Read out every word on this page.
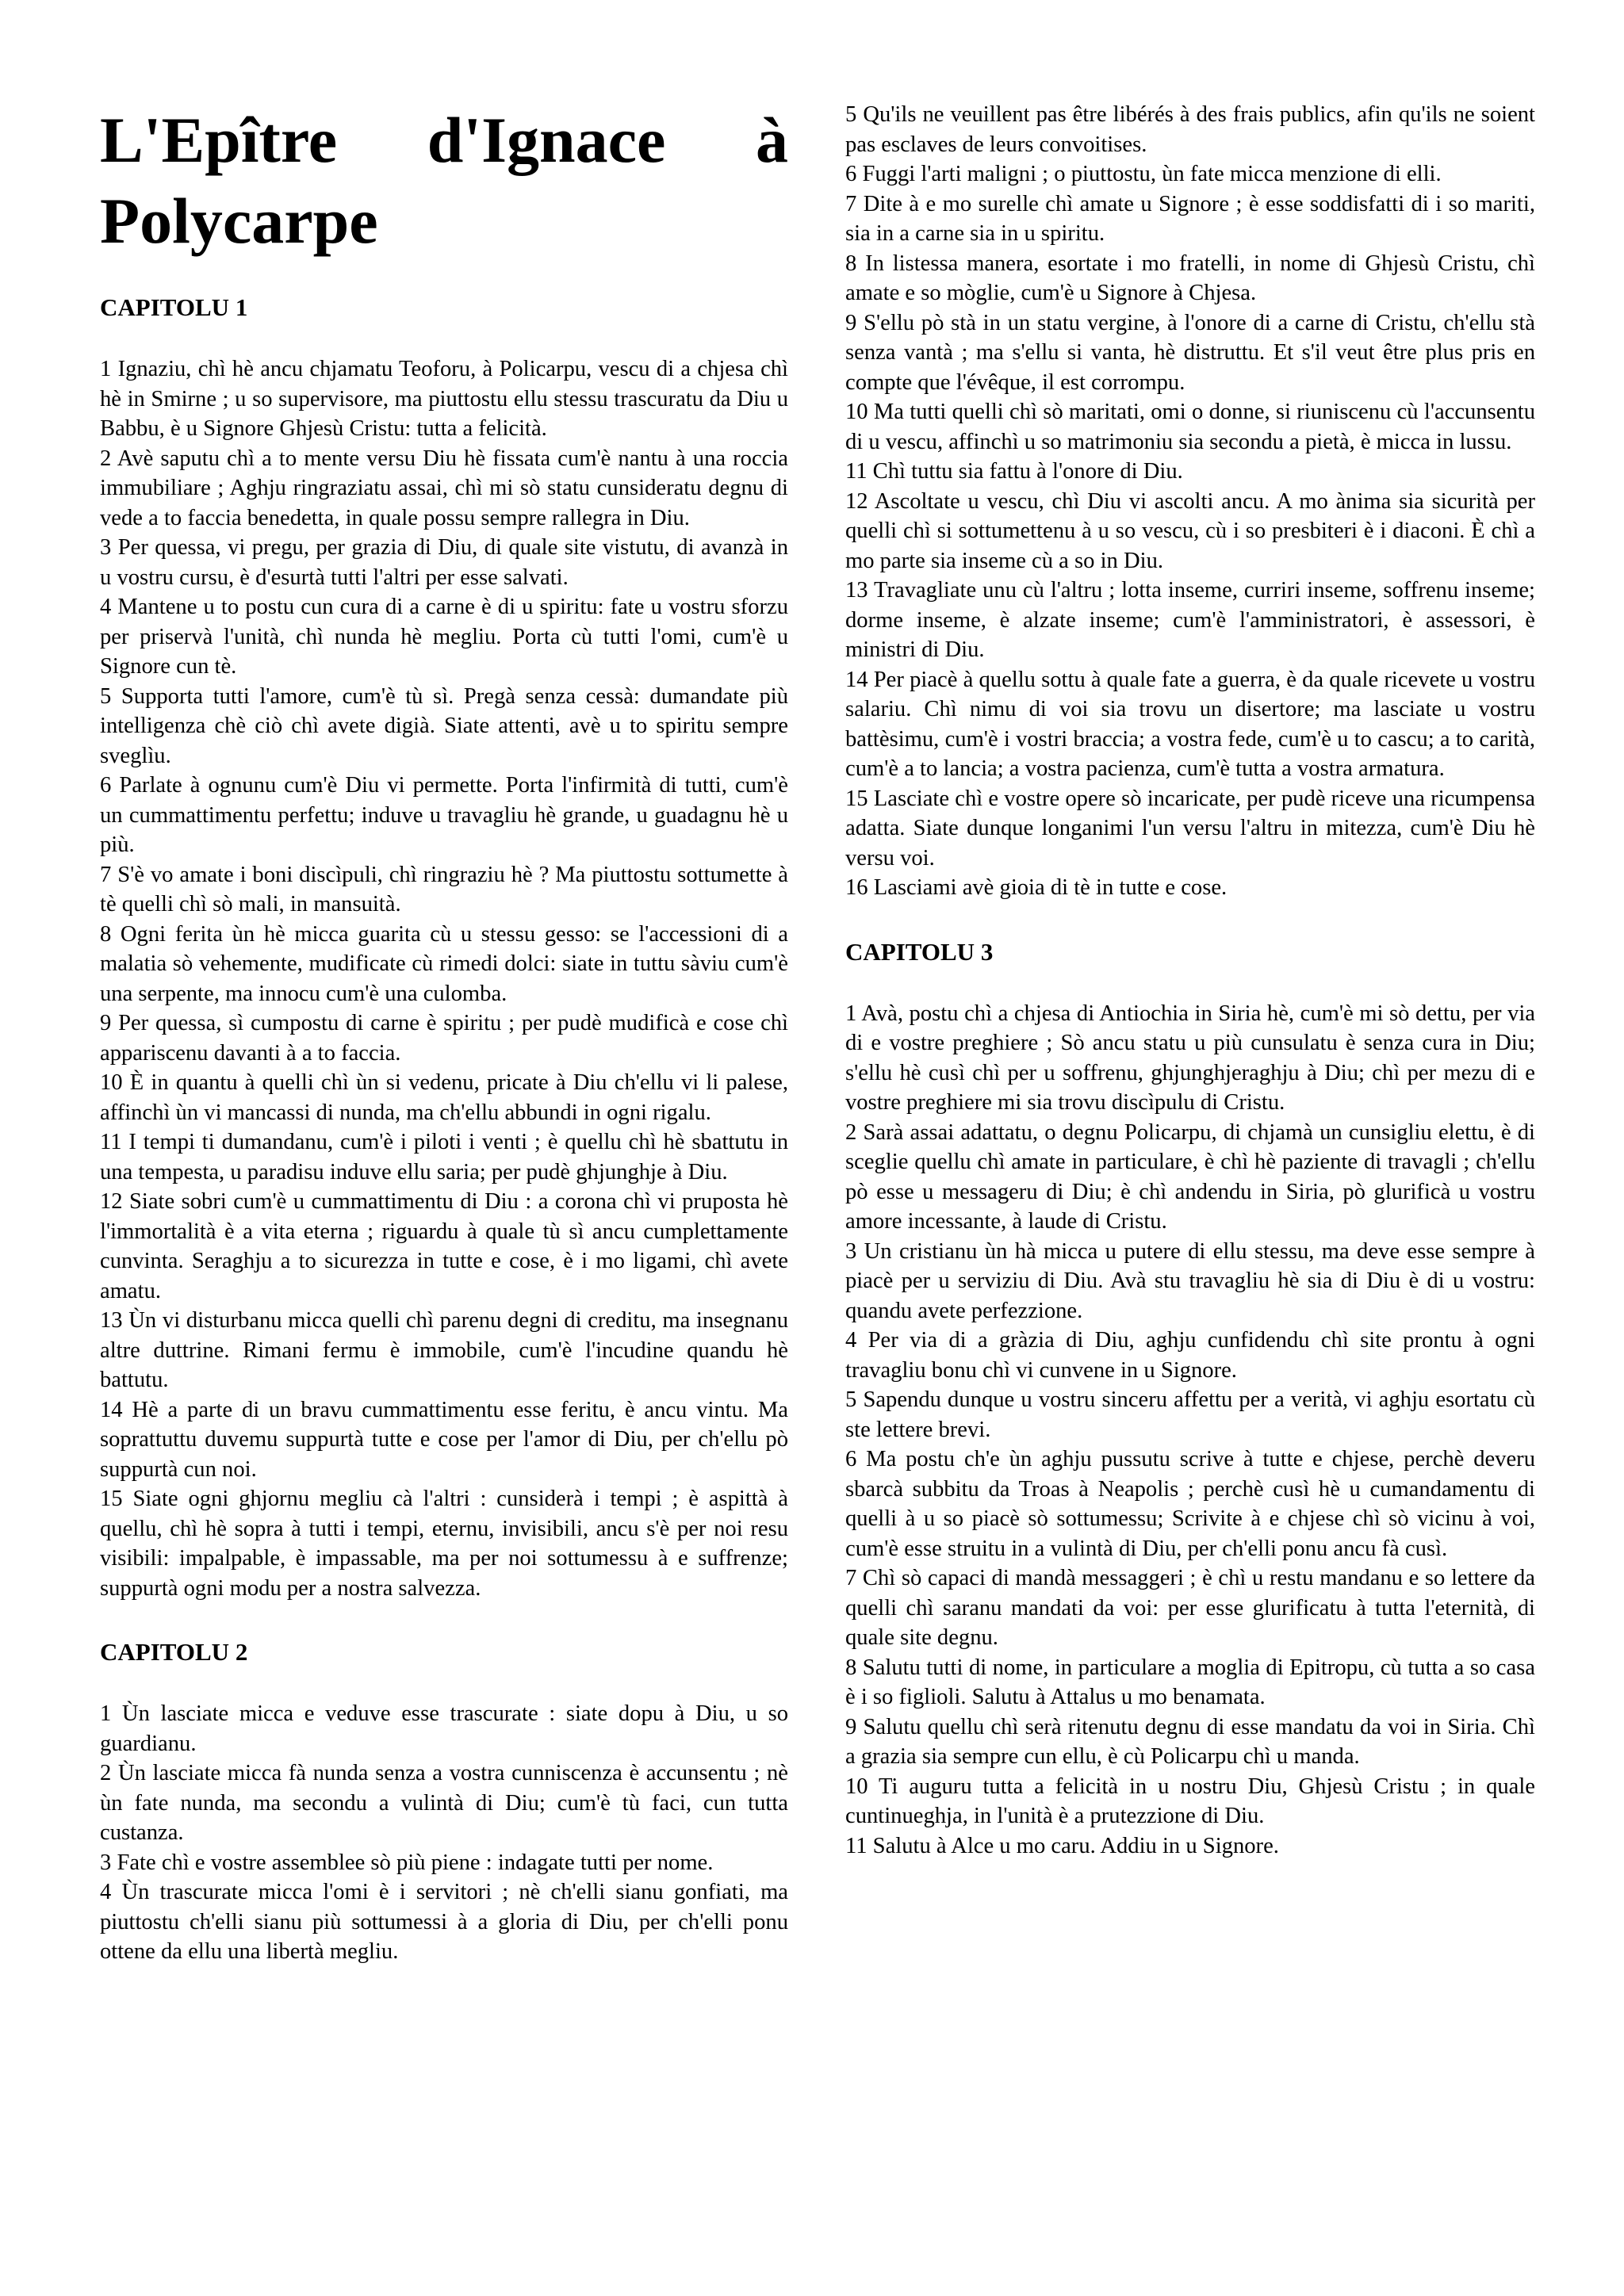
L'Epître d'Ignace à Polycarpe
CAPITOLU 1

1 Ignaziu, chì hè ancu chjamatu Teoforu, à Policarpu, vescu di a chjesa chì hè in Smirne ; u so supervisore, ma piuttostu ellu stessu trascuratu da Diu u Babbu, è u Signore Ghjesù Cristu: tutta a felicità.

2 Avè saputu chì a to mente versu Diu hè fissata cum'è nantu à una roccia immubiliare ; Aghju ringraziatu assai, chì mi sò statu cunsideratu degnu di vede a to faccia benedetta, in quale possu sempre rallegra in Diu.

3 Per quessa, vi pregu, per grazia di Diu, di quale site vistutu, di avanzà in u vostru cursu, è d'esurtà tutti l'altri per esse salvati.

4 Mantene u to postu cun cura di a carne è di u spiritu: fate u vostru sforzu per priservà l'unità, chì nunda hè megliu. Porta cù tutti l'omi, cum'è u Signore cun tè.

5 Supporta tutti l'amore, cum'è tù sì. Pregà senza cessà: dumandate più intelligenza chè ciò chì avete digià. Siate attenti, avè u to spiritu sempre sveglìu.

6 Parlate à ognunu cum'è Diu vi permette. Porta l'infirmità di tutti, cum'è un cummattimentu perfettu; induve u travagliu hè grande, u guadagnu hè u più.

7 S'è vo amate i boni discìpuli, chì ringraziu hè ? Ma piuttostu sottumette à tè quelli chì sò mali, in mansuità.

8 Ogni ferita ùn hè micca guarita cù u stessu gesso: se l'accessioni di a malatia sò vehemente, mudificate cù rimedi dolci: siate in tuttu sàviu cum'è una serpente, ma innocu cum'è una culomba.

9 Per quessa, sì cumpostu di carne è spiritu ; per pudè mudificà e cose chì appariscenu davanti à a to faccia.

10 È in quantu à quelli chì ùn si vedenu, pricate à Diu ch'ellu vi li palese, affinchì ùn vi mancassi di nunda, ma ch'ellu abbundi in ogni rigalu.

11 I tempi ti dumandanu, cum'è i piloti i venti ; è quellu chì hè sbattutu in una tempesta, u paradisu induve ellu saria; per pudè ghjunghje à Diu.

12 Siate sobri cum'è u cummattimentu di Diu : a corona chì vi pruposta hè l'immortalità è a vita eterna ; riguardu à quale tù sì ancu cumplettamente cunvinta. Seraghju a to sicurezza in tutte e cose, è i mo ligami, chì avete amatu.

13 Ùn vi disturbanu micca quelli chì parenu degni di creditu, ma insegnanu altre duttrine. Rimani fermu è immobile, cum'è l'incudine quandu hè battutu.

14 Hè a parte di un bravu cummattimentu esse feritu, è ancu vintu. Ma soprattuttu duvemu suppurtà tutte e cose per l'amor di Diu, per ch'ellu pò suppurtà cun noi.

15 Siate ogni ghjornu megliu cà l'altri : cunsiderà i tempi ; è aspittà à quellu, chì hè sopra à tutti i tempi, eternu, invisibili, ancu s'è per noi resu visibili: impalpable, è impassable, ma per noi sottumessu à e suffrenze; suppurtà ogni modu per a nostra salvezza.

CAPITOLU 2

1 Ùn lasciate micca e veduve esse trascurate : siate dopu à Diu, u so guardianu.

2 Ùn lasciate micca fà nunda senza a vostra cunniscenza è accunsentu ; nè ùn fate nunda, ma secondu a vulintà di Diu; cum'è tù faci, cun tutta custanza.

3 Fate chì e vostre assemblee sò più piene : indagate tutti per nome.

4 Ùn trascurate micca l'omi è i servitori ; nè ch'elli sianu gonfiati, ma piuttostu ch'elli sianu più sottumessi à a gloria di Diu, per ch'elli ponu ottene da ellu una libertà megliu.

5 Qu'ils ne veuillent pas être libérés à des frais publics, afin qu'ils ne soient pas esclaves de leurs convoitises.

6 Fuggi l'arti maligni ; o piuttostu, ùn fate micca menzione di elli.

7 Dite à e mo surelle chì amate u Signore ; è esse soddisfatti di i so mariti, sia in a carne sia in u spiritu.

8 In listessa manera, esortate i mo fratelli, in nome di Ghjesù Cristu, chì amate e so mòglie, cum'è u Signore à Chjesa.

9 S'ellu pò stà in un statu vergine, à l'onore di a carne di Cristu, ch'ellu stà senza vantà ; ma s'ellu si vanta, hè distruttu. Et s'il veut être plus pris en compte que l'évêque, il est corrompu.

10 Ma tutti quelli chì sò maritati, omi o donne, si riuniscenu cù l'accunsentu di u vescu, affinchì u so matrimoniu sia secondu a pietà, è micca in lussu.

11 Chì tuttu sia fattu à l'onore di Diu.

12 Ascoltate u vescu, chì Diu vi ascolti ancu. A mo ànima sia sicurità per quelli chì si sottumettenu à u so vescu, cù i so presbiteri è i diaconi. È chì a mo parte sia inseme cù a so in Diu.

13 Travagliate unu cù l'altru ; lotta inseme, curriri inseme, soffrenu inseme; dorme inseme, è alzate inseme; cum'è l'amministratori, è assessori, è ministri di Diu.

14 Per piacè à quellu sottu à quale fate a guerra, è da quale ricevete u vostru salariu. Chì nimu di voi sia trovu un disertore; ma lasciate u vostru battèsimu, cum'è i vostri braccia; a vostra fede, cum'è u to cascu; a to carità, cum'è a to lancia; a vostra pacienza, cum'è tutta a vostra armatura.

15 Lasciate chì e vostre opere sò incaricate, per pudè riceve una ricumpensa adatta. Siate dunque longanimi l'un versu l'altru in mitezza, cum'è Diu hè versu voi.

16 Lasciami avè gioia di tè in tutte e cose.

CAPITOLU 3

1 Avà, postu chì a chjesa di Antiochia in Siria hè, cum'è mi sò dettu, per via di e vostre preghiere ; Sò ancu statu u più cunsulatu è senza cura in Diu; s'ellu hè cusì chì per u soffrenu, ghjunghjeraghju à Diu; chì per mezu di e vostre preghiere mi sia trovu discìpulu di Cristu.

2 Sarà assai adattatu, o degnu Policarpu, di chjamà un cunsigliu elettu, è di sceglie quellu chì amate in particulare, è chì hè paziente di travagli ; ch'ellu pò esse u messageru di Diu; è chì andendu in Siria, pò glurificà u vostru amore incessante, à laude di Cristu.

3 Un cristianu ùn hà micca u putere di ellu stessu, ma deve esse sempre à piacè per u serviziu di Diu. Avà stu travagliu hè sia di Diu è di u vostru: quandu avete perfezzione.

4 Per via di a gràzia di Diu, aghju cunfidendu chì site prontu à ogni travagliu bonu chì vi cunvene in u Signore.

5 Sapendu dunque u vostru sinceru affettu per a verità, vi aghju esortatu cù ste lettere brevi.

6 Ma postu ch'e ùn aghju pussutu scrive à tutte e chjese, perchè deveru sbarcà subbitu da Troas à Neapolis ; perchè cusì hè u cumandamentu di quelli à u so piacè sò sottumessu; Scrivite à e chjese chì sò vicinu à voi, cum'è esse struitu in a vulintà di Diu, per ch'elli ponu ancu fà cusì.

7 Chì sò capaci di mandà messaggeri ; è chì u restu mandanu e so lettere da quelli chì saranu mandati da voi: per esse glurificatu à tutta l'eternità, di quale site degnu.

8 Salutu tutti di nome, in particulare a moglia di Epitropu, cù tutta a so casa è i so figlioli. Salutu à Attalus u mo benamata.

9 Salutu quellu chì serà ritenutu degnu di esse mandatu da voi in Siria. Chì a grazia sia sempre cun ellu, è cù Policarpu chì u manda.

10 Ti auguru tutta a felicità in u nostru Diu, Ghjesù Cristu ; in quale cuntinueghja, in l'unità è a prutezzione di Diu.

11 Salutu à Alce u mo caru. Addiu in u Signore.
